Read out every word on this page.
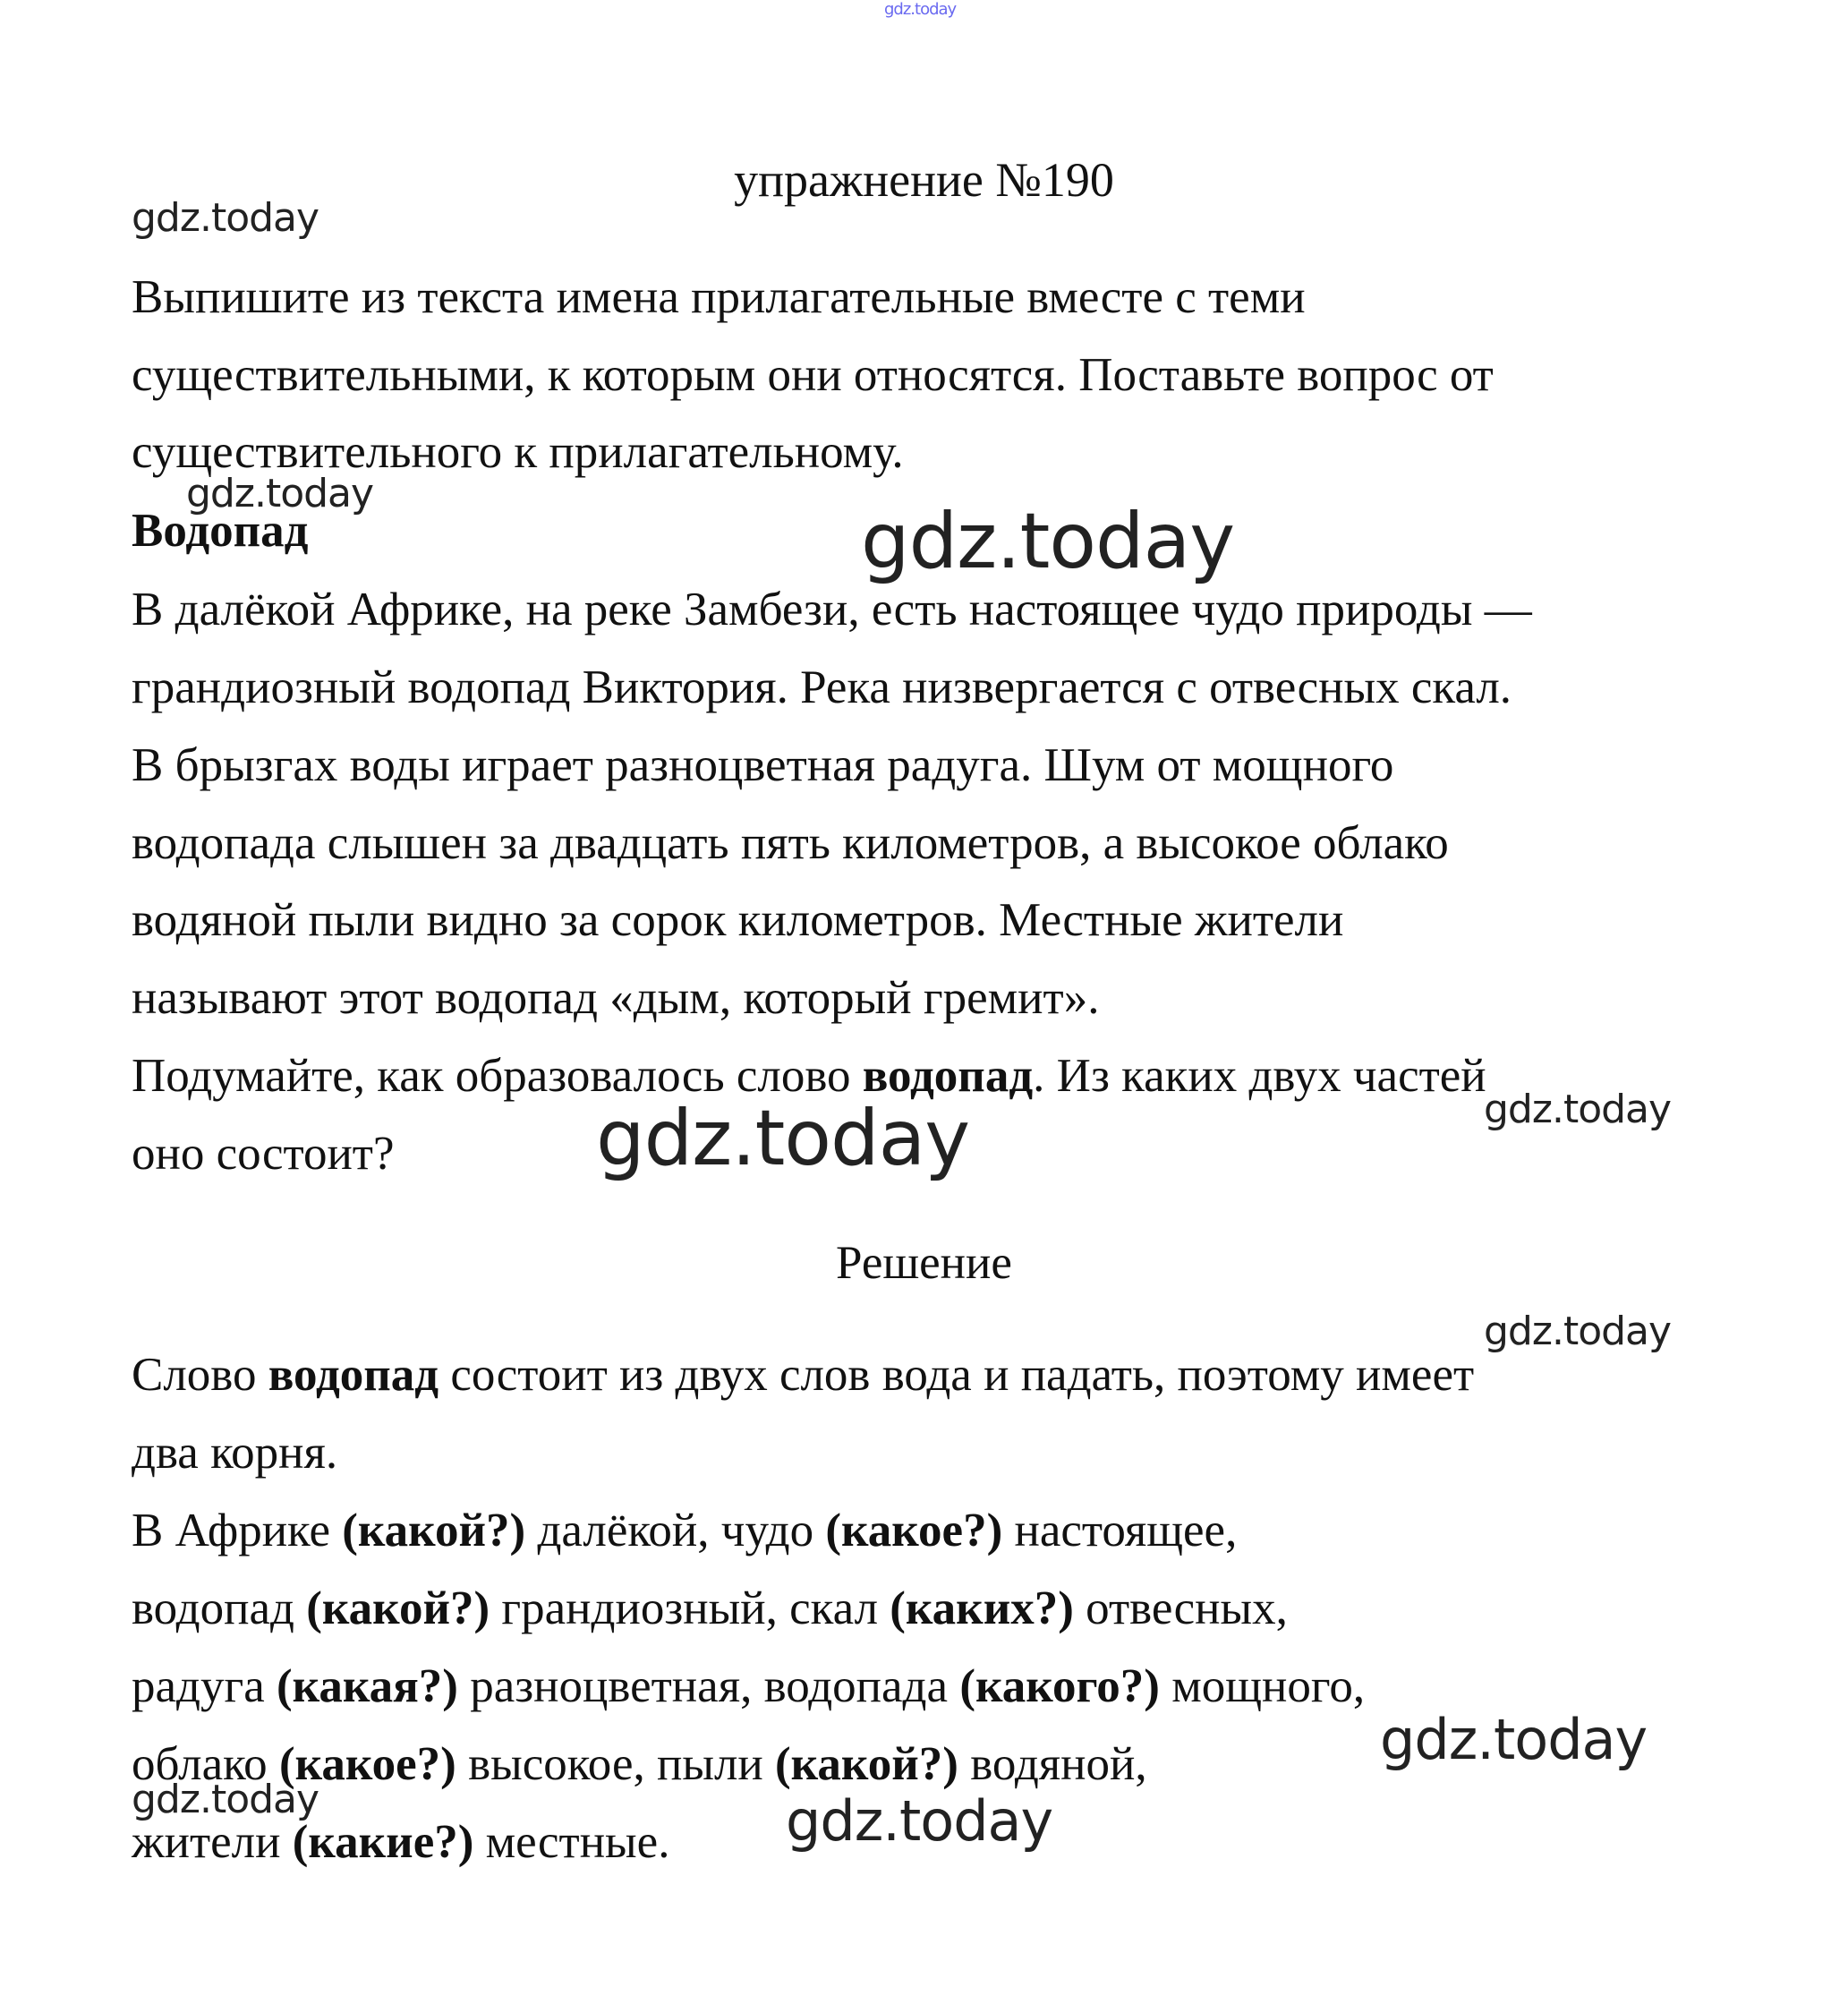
gdz.today
упражнение №190
Выпишите из текста имена прилагательные вместе с теми
существительными, к которым они относятся. Поставьте вопрос от
существительного к прилагательному.
Водопад
В далёкой Африке, на реке Замбези, есть настоящее чудо природы —
грандиозный водопад Виктория. Река низвергается с отвесных скал.
В брызгах воды играет разноцветная радуга. Шум от мощного
водопада слышен за двадцать пять километров, а высокое облако
водяной пыли видно за сорок километров. Местные жители
называют этот водопад «дым, который гремит».
Подумайте, как образовалось слово водопад. Из каких двух частей
оно состоит?
Решение
Слово водопад состоит из двух слов вода и падать, поэтому имеет
два корня.
В Африке (какой?) далёкой, чудо (какое?) настоящее,
водопад (какой?) грандиозный, скал (каких?) отвесных,
радуга (какая?) разноцветная, водопада (какого?) мощного,
облако (какое?) высокое, пыли (какой?) водяной,
жители (какие?) местные.
gdz.today
gdz.today
gdz.today
gdz.today
gdz.today
gdz.today
gdz.today
gdz.today	gdz.today
